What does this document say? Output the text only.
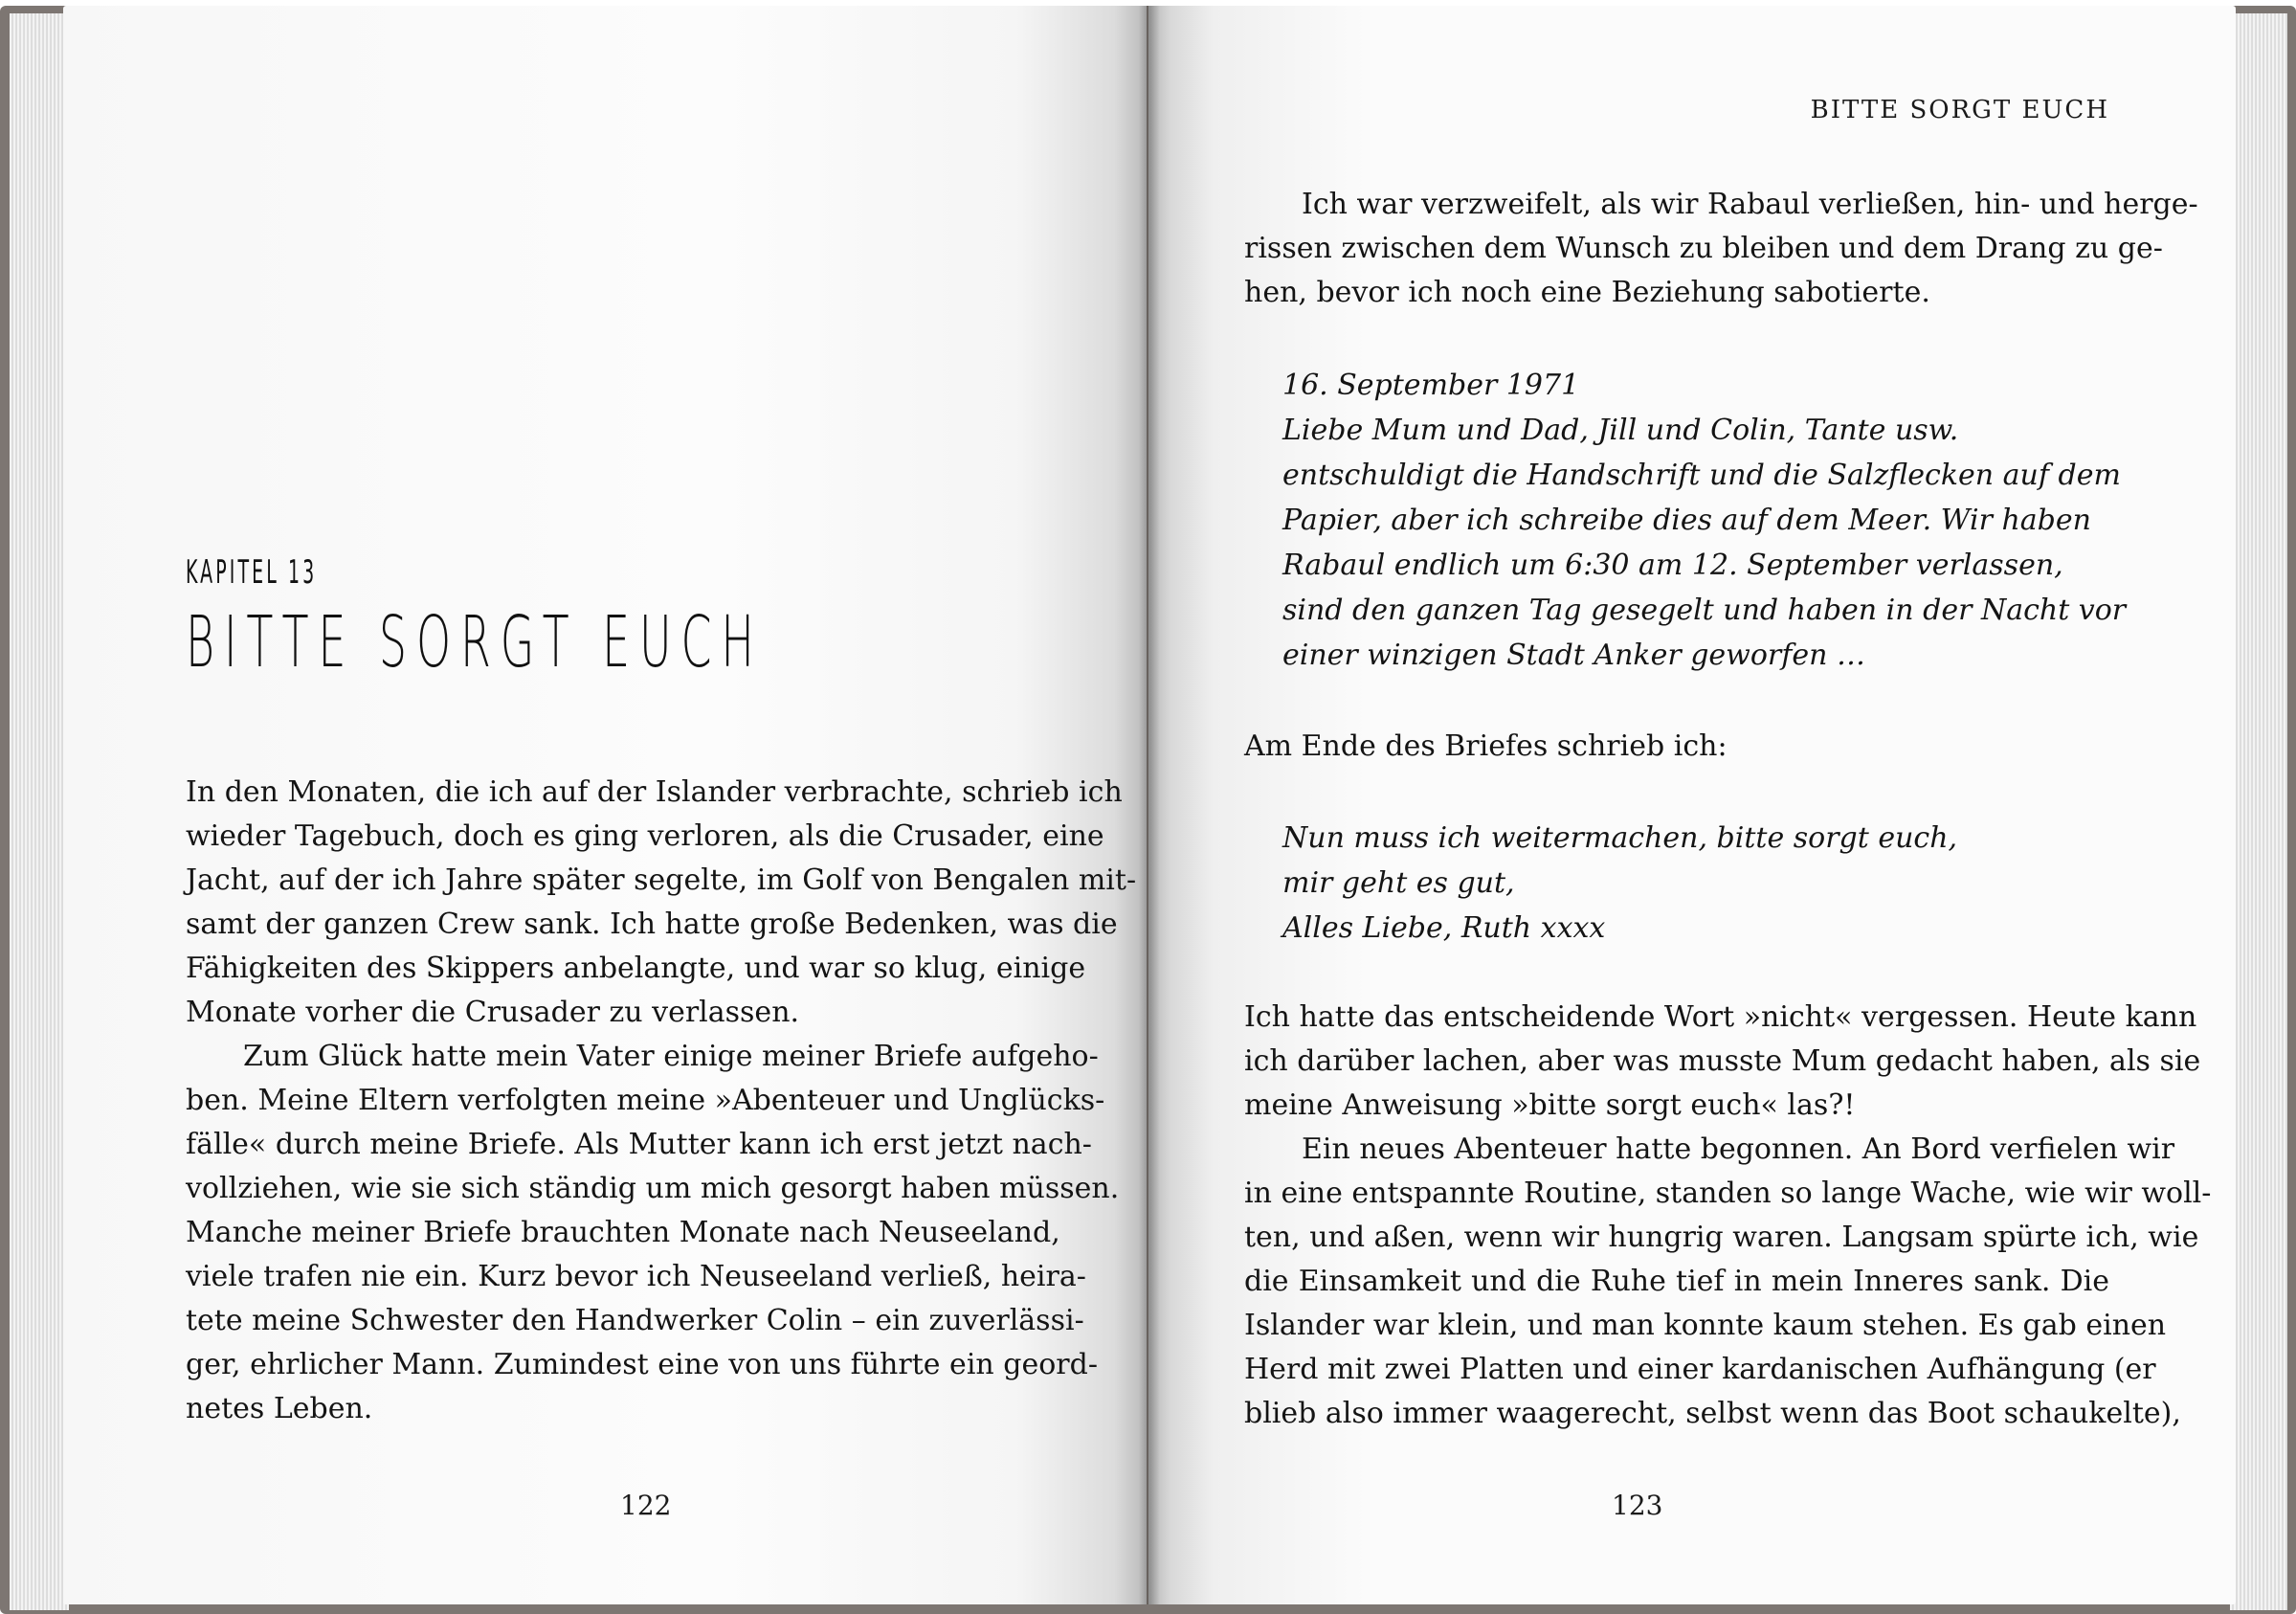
KAPITEL 13
BITTE SORGT EUCH
In den Monaten, die ich auf der Islander verbrachte, schrieb ich
wieder Tagebuch, doch es ging verloren, als die Crusader, eine
Jacht, auf der ich Jahre später segelte, im Golf von Bengalen mit-
samt der ganzen Crew sank. Ich hatte große Bedenken, was die
Fähigkeiten des Skippers anbelangte, und war so klug, einige
Monate vorher die Crusader zu verlassen.
Zum Glück hatte mein Vater einige meiner Briefe aufgeho-
ben. Meine Eltern verfolgten meine »Abenteuer und Unglücks-
fälle« durch meine Briefe. Als Mutter kann ich erst jetzt nach-
vollziehen, wie sie sich ständig um mich gesorgt haben müssen.
Manche meiner Briefe brauchten Monate nach Neuseeland,
viele trafen nie ein. Kurz bevor ich Neuseeland verließ, heira-
tete meine Schwester den Handwerker Colin – ein zuverlässi-
ger, ehrlicher Mann. Zumindest eine von uns führte ein geord-
netes Leben.
122
BITTE SORGT EUCH
Ich war verzweifelt, als wir Rabaul verließen, hin- und herge-
rissen zwischen dem Wunsch zu bleiben und dem Drang zu ge-
hen, bevor ich noch eine Beziehung sabotierte.
16. September 1971
Liebe Mum und Dad, Jill und Colin, Tante usw.
entschuldigt die Handschrift und die Salzflecken auf dem
Papier, aber ich schreibe dies auf dem Meer. Wir haben
Rabaul endlich um 6:30 am 12. September verlassen,
sind den ganzen Tag gesegelt und haben in der Nacht vor
einer winzigen Stadt Anker geworfen …
Am Ende des Briefes schrieb ich:
Nun muss ich weitermachen, bitte sorgt euch,
mir geht es gut,
Alles Liebe, Ruth xxxx
Ich hatte das entscheidende Wort »nicht« vergessen. Heute kann
ich darüber lachen, aber was musste Mum gedacht haben, als sie
meine Anweisung »bitte sorgt euch« las?!
Ein neues Abenteuer hatte begonnen. An Bord verfielen wir
in eine entspannte Routine, standen so lange Wache, wie wir woll-
ten, und aßen, wenn wir hungrig waren. Langsam spürte ich, wie
die Einsamkeit und die Ruhe tief in mein Inneres sank. Die
Islander war klein, und man konnte kaum stehen. Es gab einen
Herd mit zwei Platten und einer kardanischen Aufhängung (er
blieb also immer waagerecht, selbst wenn das Boot schaukelte),
123
